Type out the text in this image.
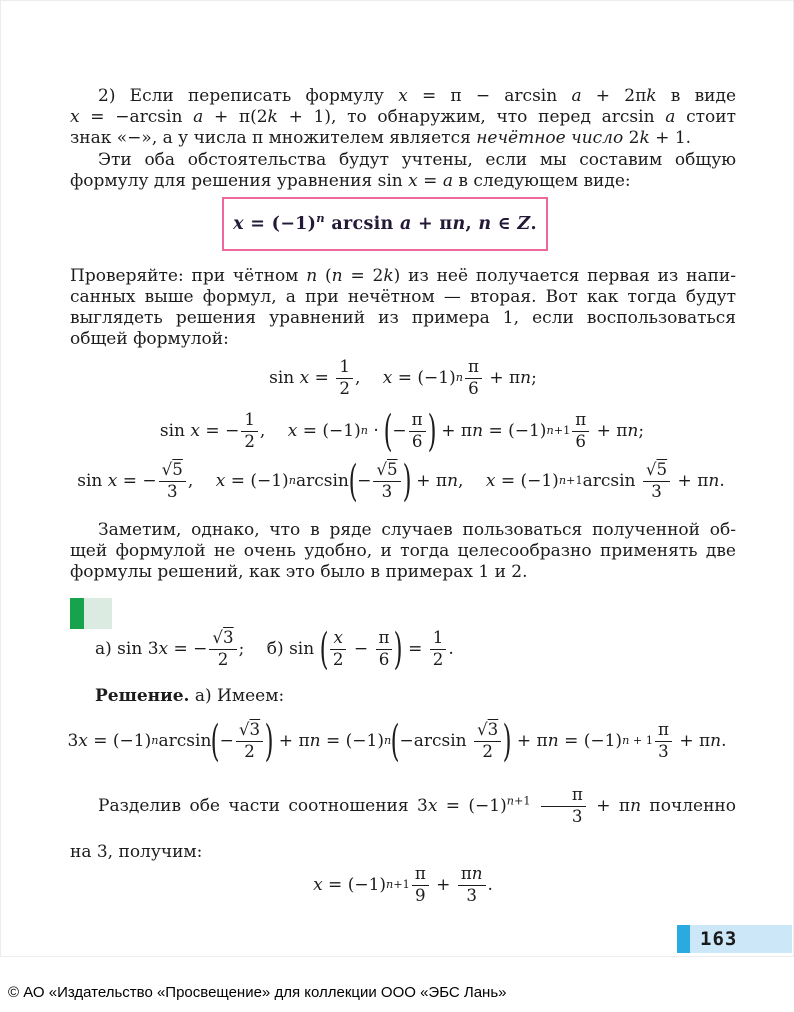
2) Если переписать формулу x = π − arcsin a + 2πk в виде
x = −arcsin a + π(2k + 1), то обнаружим, что перед arcsin a стоит
знак «−», а у числа π множителем является нечётное число 2k + 1.
Эти оба обстоятельства будут учтены, если мы составим общую
формулу для решения уравнения sin x = a в следующем виде:
$x = (-1)^n$ arcsin a + πn, n ∈ Z.
Проверяйте: при чётном n (n = 2k) из неё получается первая из напи-
санных выше формул, а при нечётном — вторая. Вот как тогда будут
выглядеть решения уравнений из примера 1, если воспользоваться
общей формулой:
$\sin x = \frac{1}{2}$ ,  x = (−1) n $\frac{\pi}{6} + \pi$ n ;
sin x = − $\frac{1}{2}$ ,  x = (−1) n · ( − $\frac{\pi}{6}$ ) + π n = (−1) $n+1 \frac{\pi}{6} + \pi$ n ;
sin x = − $\frac{√5}{3}$ ,  x = (−1) n arcsin ( − $\frac{√5}{3}$ ) + π n ,  x = (−1) n+1 $\arcsin \frac{√5}{3} + \pi$ n .
Заметим, однако, что в ряде случаев пользоваться полученной об-
щей формулой не очень удобно, и тогда целесообразно применять две
формулы решений, как это было в примерах 1 и 2.
а) sin 3 x = − $\frac{√3}{2}$ ;  б) sin ( $\frac{x}{2} - \frac{\pi}{6}$ ) = $\frac{1}{2}$ .
Решение. а) Имеем:
3 x = (−1) n arcsin ( − $\frac{√3}{2}$ ) + π n = (−1) n ( $-\arcsin \frac{√3}{2}$ ) + π n = (−1) $n + 1 \frac{\pi}{3} + \pi$ n .
Разделив обе части соотношения $3x = (-1)^{n+1} \frac{\pi}{3} + \pi n$ почленно
на 3, получим:
x = (−1) $n+1 \frac{\pi}{9} + \frac{\pi n}{3}$ .
163
© АО «Издательство «Просвещение» для коллекции ООО «ЭБС Лань»
